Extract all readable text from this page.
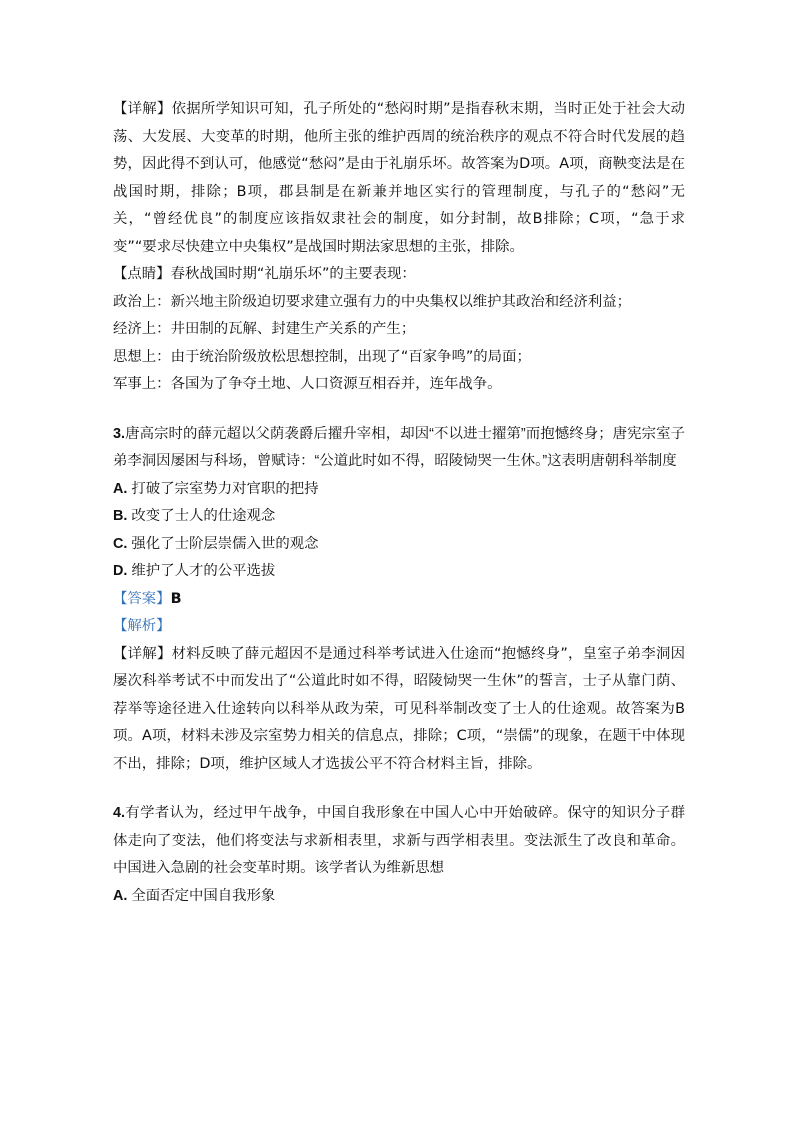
【详解】依据所学知识可知，孔子所处的“愁闷时期”是指春秋末期，当时正处于社会大动荡、大发展、大变革的时期，他所主张的维护西周的统治秩序的观点不符合时代发展的趋势，因此得不到认可，他感觉“愁闷”是由于礼崩乐坏。故答案为D项。A项，商鞅变法是在战国时期，排除；B项，郡县制是在新兼并地区实行的管理制度，与孔子的“愁闷”无关，“曾经优良”的制度应该指奴隶社会的制度，如分封制，故B排除；C项，“急于求变”“要求尽快建立中央集权”是战国时期法家思想的主张，排除。

【点睛】春秋战国时期“礼崩乐坏”的主要表现：

政治上：新兴地主阶级迫切要求建立强有力的中央集权以维护其政治和经济利益；

经济上：井田制的瓦解、封建生产关系的产生；

思想上：由于统治阶级放松思想控制，出现了“百家争鸣”的局面；

军事上：各国为了争夺土地、人口资源互相吞并，连年战争。

3.唐高宗时的薛元超以父荫袭爵后擢升宰相，却因“不以进士擢第”而抱憾终身；唐宪宗室子弟李洞因屡困与科场，曾赋诗：“公道此时如不得，昭陵恸哭一生休。”这表明唐朝科举制度

A. 打破了宗室势力对官职的把持

B. 改变了士人的仕途观念

C. 强化了士阶层崇儒入世的观念

D. 维护了人才的公平选拔

【答案】B

【解析】

【详解】材料反映了薛元超因不是通过科举考试进入仕途而“抱憾终身”，皇室子弟李洞因屡次科举考试不中而发出了“公道此时如不得，昭陵恸哭一生休”的誓言，士子从靠门荫、荐举等途径进入仕途转向以科举从政为荣，可见科举制改变了士人的仕途观。故答案为B项。A项，材料未涉及宗室势力相关的信息点，排除；C项，“崇儒”的现象，在题干中体现不出，排除；D项，维护区域人才选拔公平不符合材料主旨，排除。

4.有学者认为，经过甲午战争，中国自我形象在中国人心中开始破碎。保守的知识分子群体走向了变法，他们将变法与求新相表里，求新与西学相表里。变法派生了改良和革命。中国进入急剧的社会变革时期。该学者认为维新思想

A. 全面否定中国自我形象
